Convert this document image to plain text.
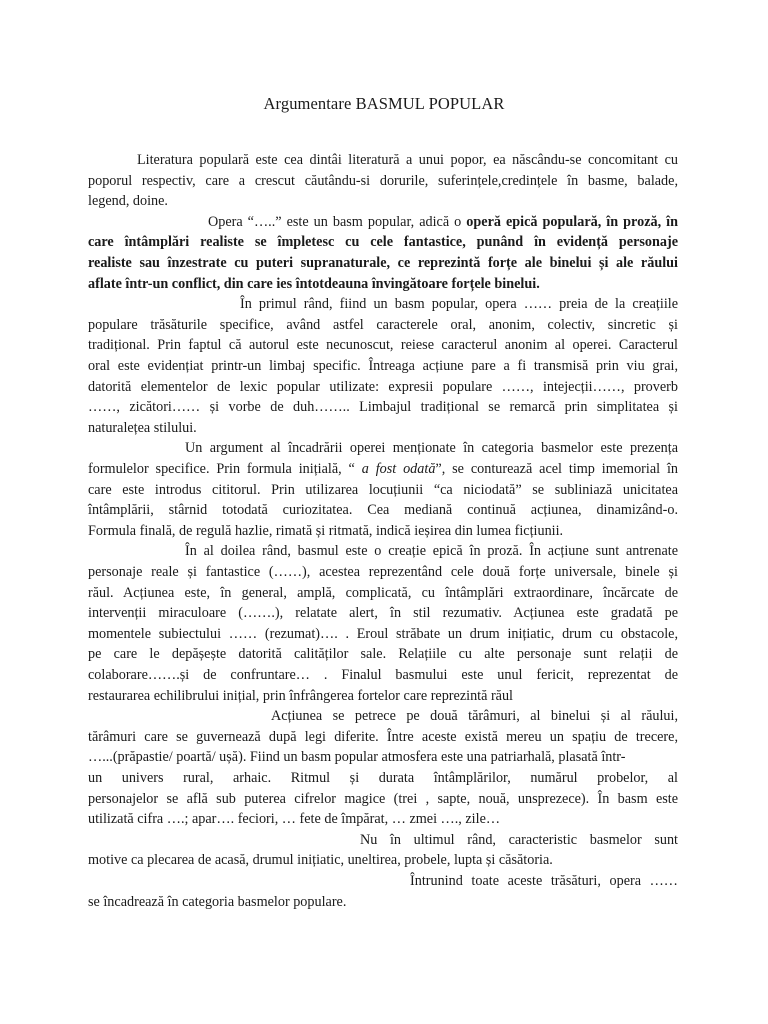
Argumentare BASMUL POPULAR
Literatura populară este cea dintâi literatură a unui popor, ea născându-se concomitant cu
poporul respectiv, care a crescut căutându-si dorurile, suferințele,credințele în basme, balade,
legend, doine.
Opera “…..” este un basm popular, adică o operă epică populară, în proză, în
care întâmplări realiste se împletesc cu cele fantastice, punând în evidență personaje
realiste sau înzestrate cu puteri supranaturale, ce reprezintă forțe ale binelui și ale răului
aflate într-un conflict, din care ies întotdeauna învingătoare forțele binelui.
În primul rând, fiind un basm popular, opera …… preia de la creațiile
populare trăsăturile specifice, având astfel caracterele oral, anonim, colectiv, sincretic și
tradițional. Prin faptul că autorul este necunoscut, reiese caracterul anonim al operei. Caracterul
oral este evidențiat printr-un limbaj specific. Întreaga acțiune pare a fi transmisă prin viu grai,
datorită elementelor de lexic popular utilizate: expresii populare ……, intejecții……, proverb
……, zicători…… și vorbe de duh…….. Limbajul tradițional se remarcă prin simplitatea și
naturalețea stilului.
Un argument al încadrării operei menționate în categoria basmelor este prezența
formulelor specifice. Prin formula inițială, “ a fost odată”, se conturează acel timp imemorial în
care este introdus cititorul. Prin utilizarea locuțiunii “ca niciodată” se subliniază unicitatea
întâmplării, stârnid totodată curiozitatea. Cea mediană continuă acțiunea, dinamizând-o.
Formula finală, de regulă hazlie, rimată și ritmată, indică ieșirea din lumea ficțiunii.
În al doilea rând, basmul este o creație epică în proză. În acțiune sunt antrenate
personaje reale și fantastice (……), acestea reprezentând cele două forțe universale, binele și
răul. Acțiunea este, în general, amplă, complicată, cu întâmplări extraordinare, încărcate de
intervenții miraculoare (…….), relatate alert, în stil rezumativ. Acțiunea este gradată pe
momentele subiectului …… (rezumat)…. . Eroul străbate un drum inițiatic, drum cu obstacole,
pe care le depășește datorită calităților sale. Relațiile cu alte personaje sunt relații de
colaborare…….și de confruntare… . Finalul basmului este unul fericit, reprezentat de
restaurarea echilibrului inițial, prin înfrângerea fortelor care reprezintă răul
Acțiunea se petrece pe două tărâmuri, al binelui și al răului,
tărâmuri care se guvernează după legi diferite. Între aceste există mereu un spațiu de trecere,
…...(prăpastie/ poartă/ ușă). Fiind un basm popular atmosfera este una patriarhală, plasată într-
un univers rural, arhaic. Ritmul și durata întâmplărilor, numărul probelor, al
personajelor se află sub puterea cifrelor magice (trei , sapte, nouă, unsprezece). În basm este
utilizată cifra ….; apar…. feciori, … fete de împărat, … zmei …., zile…
Nu în ultimul rând, caracteristic basmelor sunt
motive ca plecarea de acasă, drumul inițiatic, uneltirea, probele, lupta și căsătoria.
Întrunind toate aceste trăsături, opera ……
se încadrează în categoria basmelor populare.
